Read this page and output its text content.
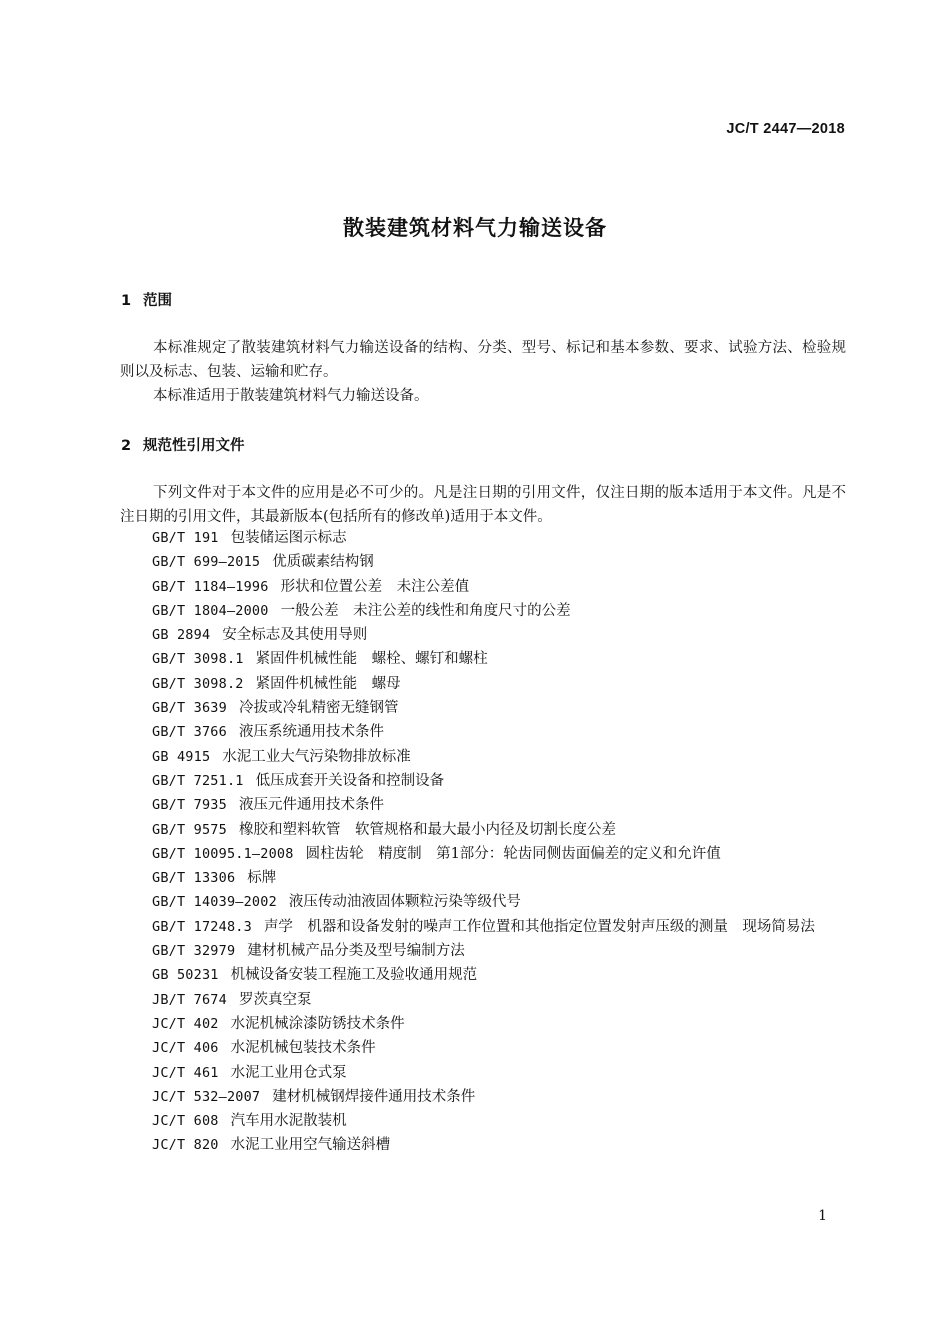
JC/T 2447—2018
散装建筑材料气力输送设备
1 范围
本标准规定了散装建筑材料气力输送设备的结构、分类、型号、标记和基本参数、要求、试验方法、检验规则以及标志、包装、运输和贮存。
本标准适用于散装建筑材料气力输送设备。
2 规范性引用文件
下列文件对于本文件的应用是必不可少的。凡是注日期的引用文件，仅注日期的版本适用于本文件。凡是不注日期的引用文件，其最新版本(包括所有的修改单)适用于本文件。
GB/T 191 包装储运图示标志
GB/T 699—2015 优质碳素结构钢
GB/T 1184—1996 形状和位置公差　未注公差值
GB/T 1804—2000 一般公差　未注公差的线性和角度尺寸的公差
GB 2894 安全标志及其使用导则
GB/T 3098.1 紧固件机械性能　螺栓、螺钉和螺柱
GB/T 3098.2 紧固件机械性能　螺母
GB/T 3639 冷拔或冷轧精密无缝钢管
GB/T 3766 液压系统通用技术条件
GB 4915 水泥工业大气污染物排放标准
GB/T 7251.1 低压成套开关设备和控制设备
GB/T 7935 液压元件通用技术条件
GB/T 9575 橡胶和塑料软管　软管规格和最大最小内径及切割长度公差
GB/T 10095.1—2008 圆柱齿轮　精度制　第1部分：轮齿同侧齿面偏差的定义和允许值
GB/T 13306 标牌
GB/T 14039—2002 液压传动油液固体颗粒污染等级代号
GB/T 17248.3 声学　机器和设备发射的噪声工作位置和其他指定位置发射声压级的测量　现场简易法
GB/T 32979 建材机械产品分类及型号编制方法
GB 50231 机械设备安装工程施工及验收通用规范
JB/T 7674 罗茨真空泵
JC/T 402 水泥机械涂漆防锈技术条件
JC/T 406 水泥机械包装技术条件
JC/T 461 水泥工业用仓式泵
JC/T 532—2007 建材机械钢焊接件通用技术条件
JC/T 608 汽车用水泥散装机
JC/T 820 水泥工业用空气输送斜槽
1
